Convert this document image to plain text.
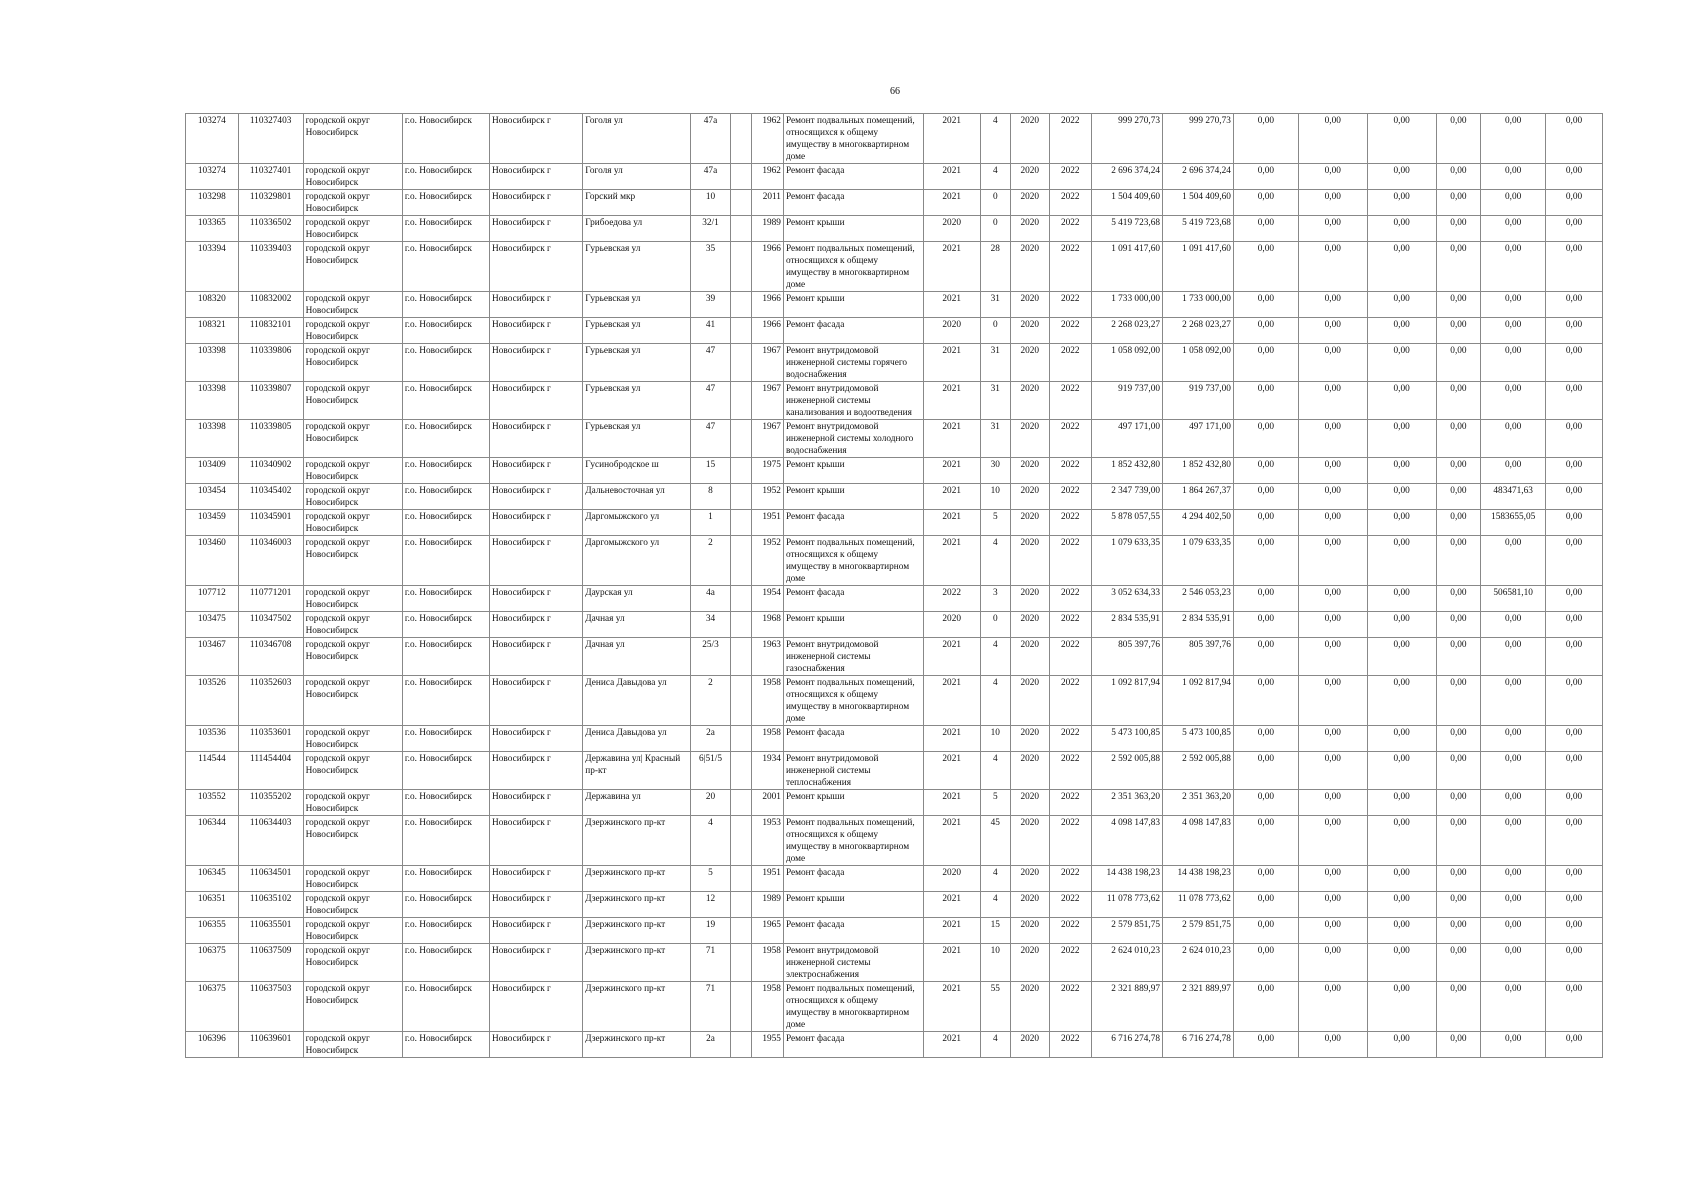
66
103274	110327403	городской округ Новосибирск	г.о. Новосибирск	Новосибирск г	Гоголя ул	47а		1962	Ремонт подвальных помещений, относящихся к общему имуществу в многоквартирном доме	2021	4	2020	2022	999 270,73	999 270,73	0,00	0,00	0,00	0,00	0,00	0,00
103274	110327401	городской округ Новосибирск	г.о. Новосибирск	Новосибирск г	Гоголя ул	47а		1962	Ремонт фасада	2021	4	2020	2022	2 696 374,24	2 696 374,24	0,00	0,00	0,00	0,00	0,00	0,00
103298	110329801	городской округ Новосибирск	г.о. Новосибирск	Новосибирск г	Горский мкр	10		2011	Ремонт фасада	2021	0	2020	2022	1 504 409,60	1 504 409,60	0,00	0,00	0,00	0,00	0,00	0,00
103365	110336502	городской округ Новосибирск	г.о. Новосибирск	Новосибирск г	Грибоедова ул	32/1		1989	Ремонт крыши	2020	0	2020	2022	5 419 723,68	5 419 723,68	0,00	0,00	0,00	0,00	0,00	0,00
103394	110339403	городской округ Новосибирск	г.о. Новосибирск	Новосибирск г	Гурьевская ул	35		1966	Ремонт подвальных помещений, относящихся к общему имуществу в многоквартирном доме	2021	28	2020	2022	1 091 417,60	1 091 417,60	0,00	0,00	0,00	0,00	0,00	0,00
108320	110832002	городской округ Новосибирск	г.о. Новосибирск	Новосибирск г	Гурьевская ул	39		1966	Ремонт крыши	2021	31	2020	2022	1 733 000,00	1 733 000,00	0,00	0,00	0,00	0,00	0,00	0,00
108321	110832101	городской округ Новосибирск	г.о. Новосибирск	Новосибирск г	Гурьевская ул	41		1966	Ремонт фасада	2020	0	2020	2022	2 268 023,27	2 268 023,27	0,00	0,00	0,00	0,00	0,00	0,00
103398	110339806	городской округ Новосибирск	г.о. Новосибирск	Новосибирск г	Гурьевская ул	47		1967	Ремонт внутридомовой инженерной системы горячего водоснабжения	2021	31	2020	2022	1 058 092,00	1 058 092,00	0,00	0,00	0,00	0,00	0,00	0,00
103398	110339807	городской округ Новосибирск	г.о. Новосибирск	Новосибирск г	Гурьевская ул	47		1967	Ремонт внутридомовой инженерной системы канализования и водоотведения	2021	31	2020	2022	919 737,00	919 737,00	0,00	0,00	0,00	0,00	0,00	0,00
103398	110339805	городской округ Новосибирск	г.о. Новосибирск	Новосибирск г	Гурьевская ул	47		1967	Ремонт внутридомовой инженерной системы холодного водоснабжения	2021	31	2020	2022	497 171,00	497 171,00	0,00	0,00	0,00	0,00	0,00	0,00
103409	110340902	городской округ Новосибирск	г.о. Новосибирск	Новосибирск г	Гусинобродское ш	15		1975	Ремонт крыши	2021	30	2020	2022	1 852 432,80	1 852 432,80	0,00	0,00	0,00	0,00	0,00	0,00
103454	110345402	городской округ Новосибирск	г.о. Новосибирск	Новосибирск г	Дальневосточная ул	8		1952	Ремонт крыши	2021	10	2020	2022	2 347 739,00	1 864 267,37	0,00	0,00	0,00	0,00	483471,63	0,00
103459	110345901	городской округ Новосибирск	г.о. Новосибирск	Новосибирск г	Даргомыжского ул	1		1951	Ремонт фасада	2021	5	2020	2022	5 878 057,55	4 294 402,50	0,00	0,00	0,00	0,00	1583655,05	0,00
103460	110346003	городской округ Новосибирск	г.о. Новосибирск	Новосибирск г	Даргомыжского ул	2		1952	Ремонт подвальных помещений, относящихся к общему имуществу в многоквартирном доме	2021	4	2020	2022	1 079 633,35	1 079 633,35	0,00	0,00	0,00	0,00	0,00	0,00
107712	110771201	городской округ Новосибирск	г.о. Новосибирск	Новосибирск г	Даурская ул	4а		1954	Ремонт фасада	2022	3	2020	2022	3 052 634,33	2 546 053,23	0,00	0,00	0,00	0,00	506581,10	0,00
103475	110347502	городской округ Новосибирск	г.о. Новосибирск	Новосибирск г	Дачная ул	34		1968	Ремонт крыши	2020	0	2020	2022	2 834 535,91	2 834 535,91	0,00	0,00	0,00	0,00	0,00	0,00
103467	110346708	городской округ Новосибирск	г.о. Новосибирск	Новосибирск г	Дачная ул	25/3		1963	Ремонт внутридомовой инженерной системы газоснабжения	2021	4	2020	2022	805 397,76	805 397,76	0,00	0,00	0,00	0,00	0,00	0,00
103526	110352603	городской округ Новосибирск	г.о. Новосибирск	Новосибирск г	Дениса Давыдова ул	2		1958	Ремонт подвальных помещений, относящихся к общему имуществу в многоквартирном доме	2021	4	2020	2022	1 092 817,94	1 092 817,94	0,00	0,00	0,00	0,00	0,00	0,00
103536	110353601	городской округ Новосибирск	г.о. Новосибирск	Новосибирск г	Дениса Давыдова ул	2а		1958	Ремонт фасада	2021	10	2020	2022	5 473 100,85	5 473 100,85	0,00	0,00	0,00	0,00	0,00	0,00
114544	111454404	городской округ Новосибирск	г.о. Новосибирск	Новосибирск г	Державина ул| Красный пр-кт	6|51/5		1934	Ремонт внутридомовой инженерной системы теплоснабжения	2021	4	2020	2022	2 592 005,88	2 592 005,88	0,00	0,00	0,00	0,00	0,00	0,00
103552	110355202	городской округ Новосибирск	г.о. Новосибирск	Новосибирск г	Державина ул	20		2001	Ремонт крыши	2021	5	2020	2022	2 351 363,20	2 351 363,20	0,00	0,00	0,00	0,00	0,00	0,00
106344	110634403	городской округ Новосибирск	г.о. Новосибирск	Новосибирск г	Дзержинского пр-кт	4		1953	Ремонт подвальных помещений, относящихся к общему имуществу в многоквартирном доме	2021	45	2020	2022	4 098 147,83	4 098 147,83	0,00	0,00	0,00	0,00	0,00	0,00
106345	110634501	городской округ Новосибирск	г.о. Новосибирск	Новосибирск г	Дзержинского пр-кт	5		1951	Ремонт фасада	2020	4	2020	2022	14 438 198,23	14 438 198,23	0,00	0,00	0,00	0,00	0,00	0,00
106351	110635102	городской округ Новосибирск	г.о. Новосибирск	Новосибирск г	Дзержинского пр-кт	12		1989	Ремонт крыши	2021	4	2020	2022	11 078 773,62	11 078 773,62	0,00	0,00	0,00	0,00	0,00	0,00
106355	110635501	городской округ Новосибирск	г.о. Новосибирск	Новосибирск г	Дзержинского пр-кт	19		1965	Ремонт фасада	2021	15	2020	2022	2 579 851,75	2 579 851,75	0,00	0,00	0,00	0,00	0,00	0,00
106375	110637509	городской округ Новосибирск	г.о. Новосибирск	Новосибирск г	Дзержинского пр-кт	71		1958	Ремонт внутридомовой инженерной системы электроснабжения	2021	10	2020	2022	2 624 010,23	2 624 010,23	0,00	0,00	0,00	0,00	0,00	0,00
106375	110637503	городской округ Новосибирск	г.о. Новосибирск	Новосибирск г	Дзержинского пр-кт	71		1958	Ремонт подвальных помещений, относящихся к общему имуществу в многоквартирном доме	2021	55	2020	2022	2 321 889,97	2 321 889,97	0,00	0,00	0,00	0,00	0,00	0,00
106396	110639601	городской округ Новосибирск	г.о. Новосибирск	Новосибирск г	Дзержинского пр-кт	2а		1955	Ремонт фасада	2021	4	2020	2022	6 716 274,78	6 716 274,78	0,00	0,00	0,00	0,00	0,00	0,00
